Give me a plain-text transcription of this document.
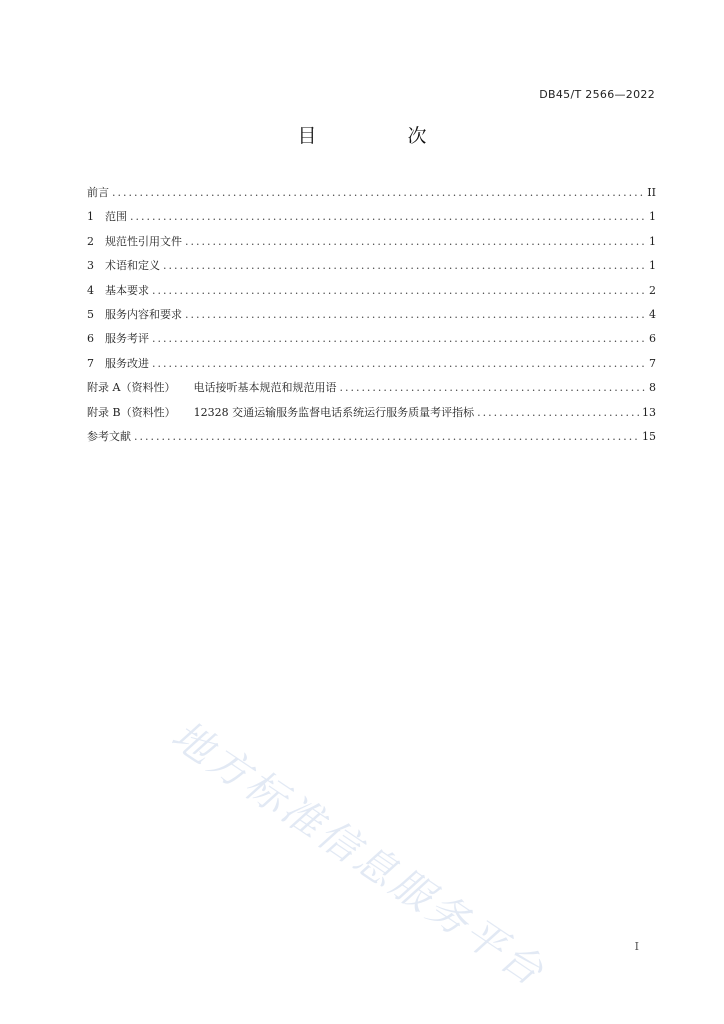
DB45/T 2566—2022
目　次
前言 .....	II
1	范围 .....	1
2	规范性引用文件 .....	1
3	术语和定义 .....	1
4	基本要求 .....	2
5	服务内容和要求 .....	4
6	服务考评 .....	6
7	服务改进 .....	7
附录 A（资料性） 电话接听基本规范和规范用语 .....	8
附录 B（资料性） 12328 交通运输服务监督电话系统运行服务质量考评指标 .....	13
参考文献 .....	15
地方标准信息服务平台	I
